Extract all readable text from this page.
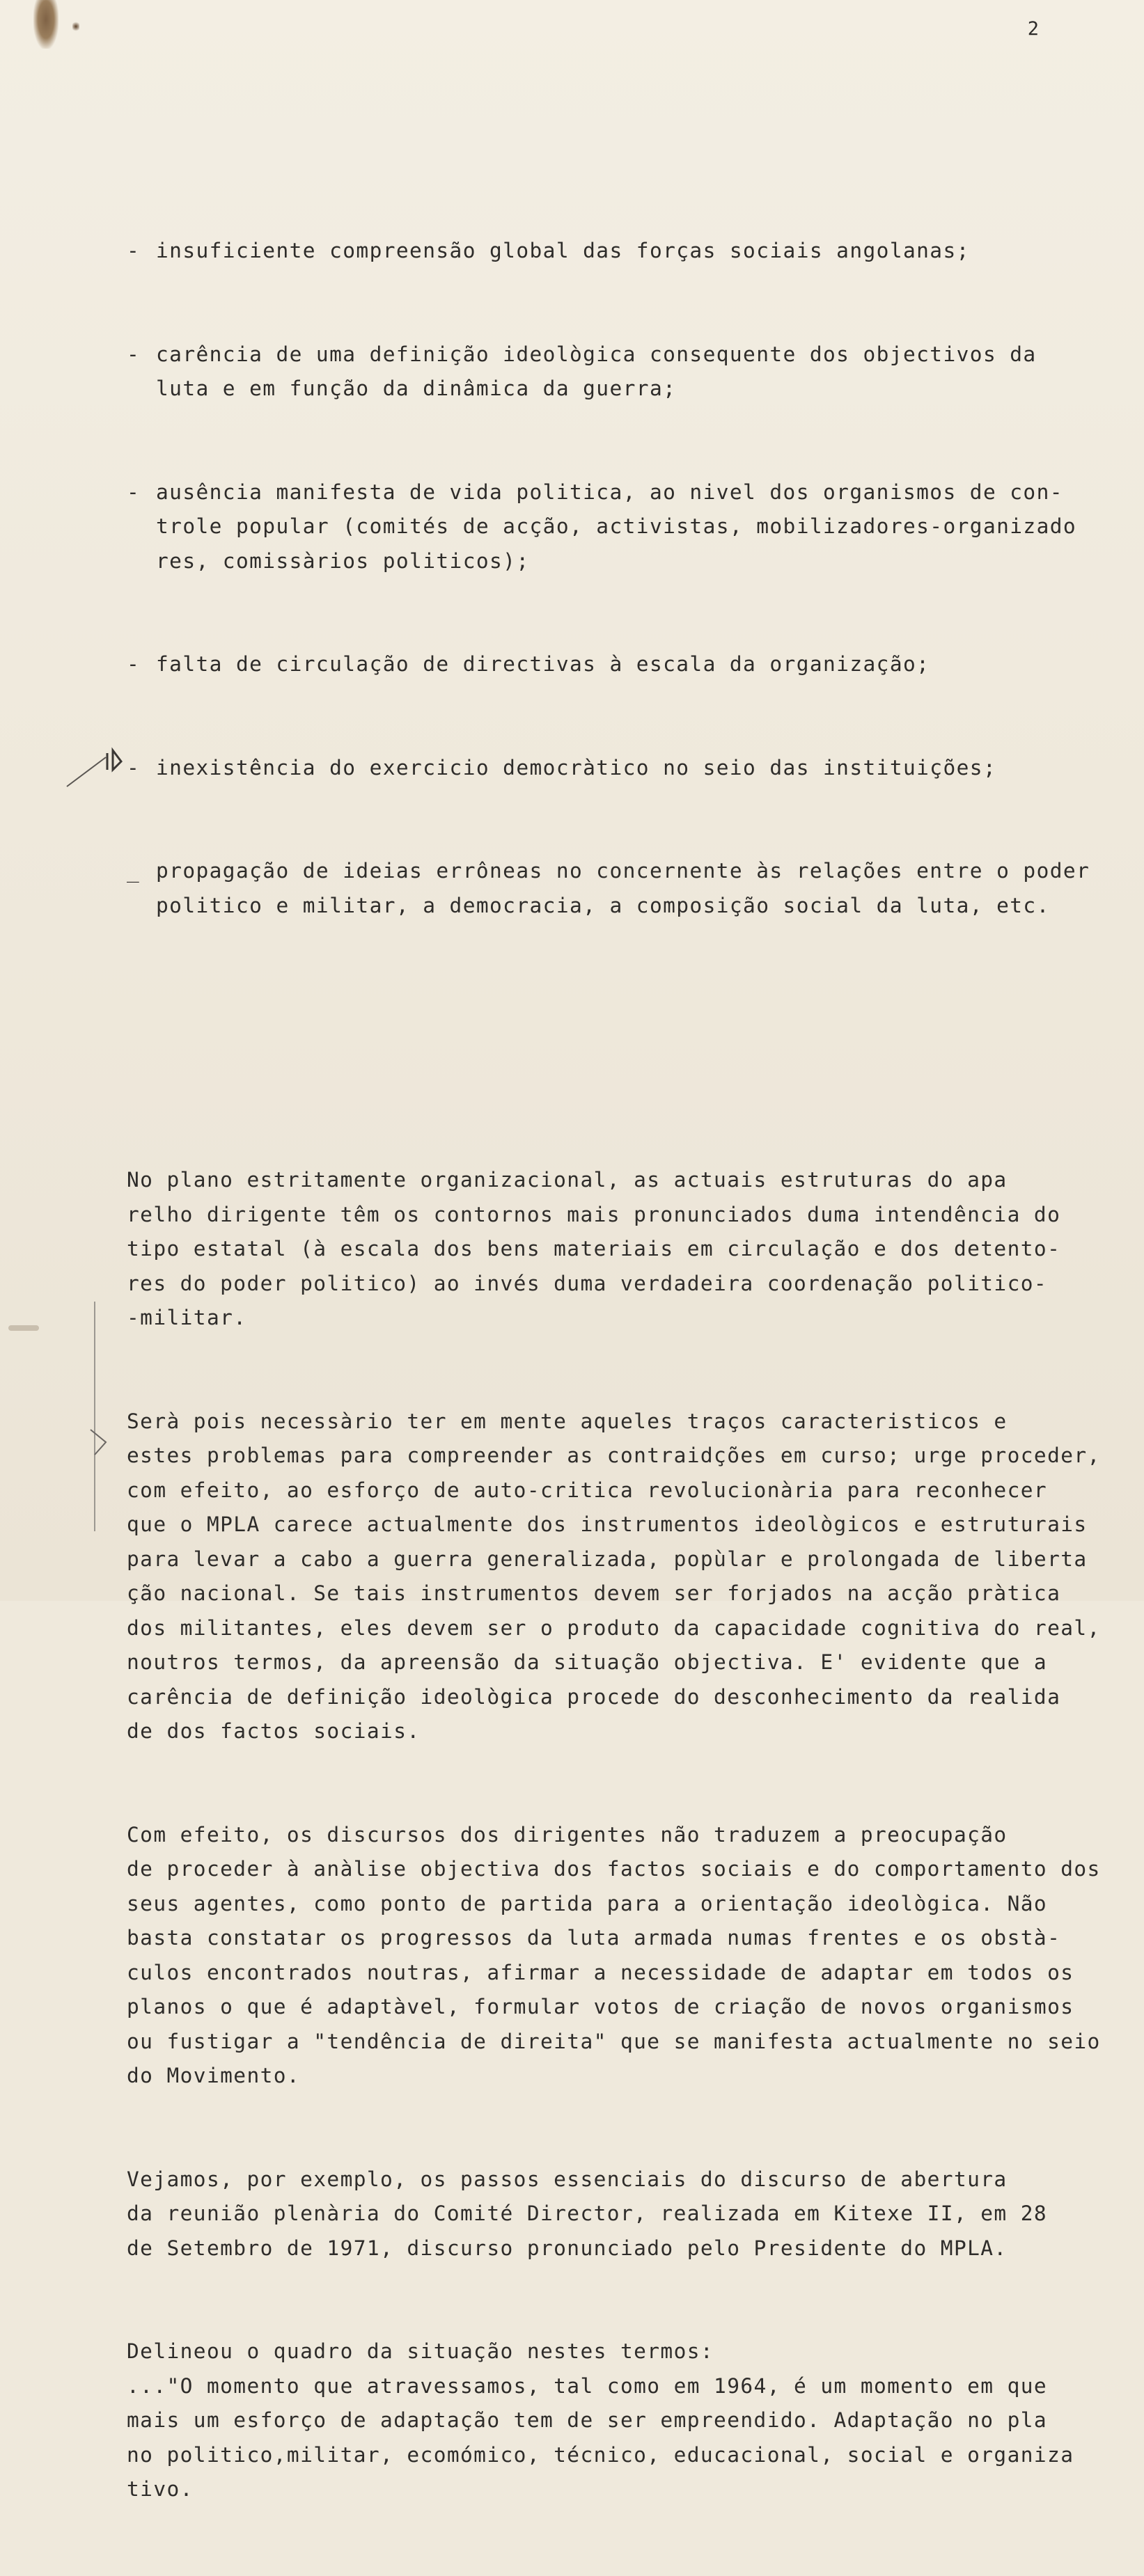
2

- insuficiente compreensão global das forças sociais angolanas;

- carência de uma definição ideològica consequente dos objectivos da
luta e em função da dinâmica da guerra;

- ausência manifesta de vida politica, ao nivel dos organismos de con-
trole popular (comités de acção, activistas, mobilizadores-organizado
res, comissàrios politicos);

- falta de circulação de directivas à escala da organização;

- inexistência do exercicio democràtico no seio das instituições;

_ propagação de ideias errôneas no concernente às relações entre o poder
politico e militar, a democracia, a composição social da luta, etc.

No plano estritamente organizacional, as actuais estruturas do apa
relho dirigente têm os contornos mais pronunciados duma intendência do
tipo estatal (à escala dos bens materiais em circulação e dos detento-
res do poder politico) ao invés duma verdadeira coordenação politico-
-militar.

Serà pois necessàrio ter em mente aqueles traços caracteristicos e
estes problemas para compreender as contraidções em curso; urge proceder,
com efeito, ao esforço de auto-critica revolucionària para reconhecer
que o MPLA carece actualmente dos instrumentos ideològicos e estruturais
para levar a cabo a guerra generalizada, popùlar e prolongada de liberta
ção nacional. Se tais instrumentos devem ser forjados na acção pràtica
dos militantes, eles devem ser o produto da capacidade cognitiva do real,
noutros termos, da apreensão da situação objectiva. E' evidente que a
carência de definição ideològica procede do desconhecimento da realida
de dos factos sociais.

Com efeito, os discursos dos dirigentes não traduzem a preocupação
de proceder à anàlise objectiva dos factos sociais e do comportamento dos
seus agentes, como ponto de partida para a orientação ideològica. Não
basta constatar os progressos da luta armada numas frentes e os obstà-
culos encontrados noutras, afirmar a necessidade de adaptar em todos os
planos o que é adaptàvel, formular votos de criação de novos organismos
ou fustigar a "tendência de direita" que se manifesta actualmente no seio
do Movimento.

Vejamos, por exemplo, os passos essenciais do discurso de abertura
da reunião plenària do Comité Director, realizada em Kitexe II, em 28
de Setembro de 1971, discurso pronunciado pelo Presidente do MPLA.

Delineou o quadro da situação nestes termos:
..."O momento que atravessamos, tal como em 1964, é um momento em que
mais um esforço de adaptação tem de ser empreendido. Adaptação no pla
no politico,militar, ecomómico, técnico, educacional, social e organiza
tivo.
